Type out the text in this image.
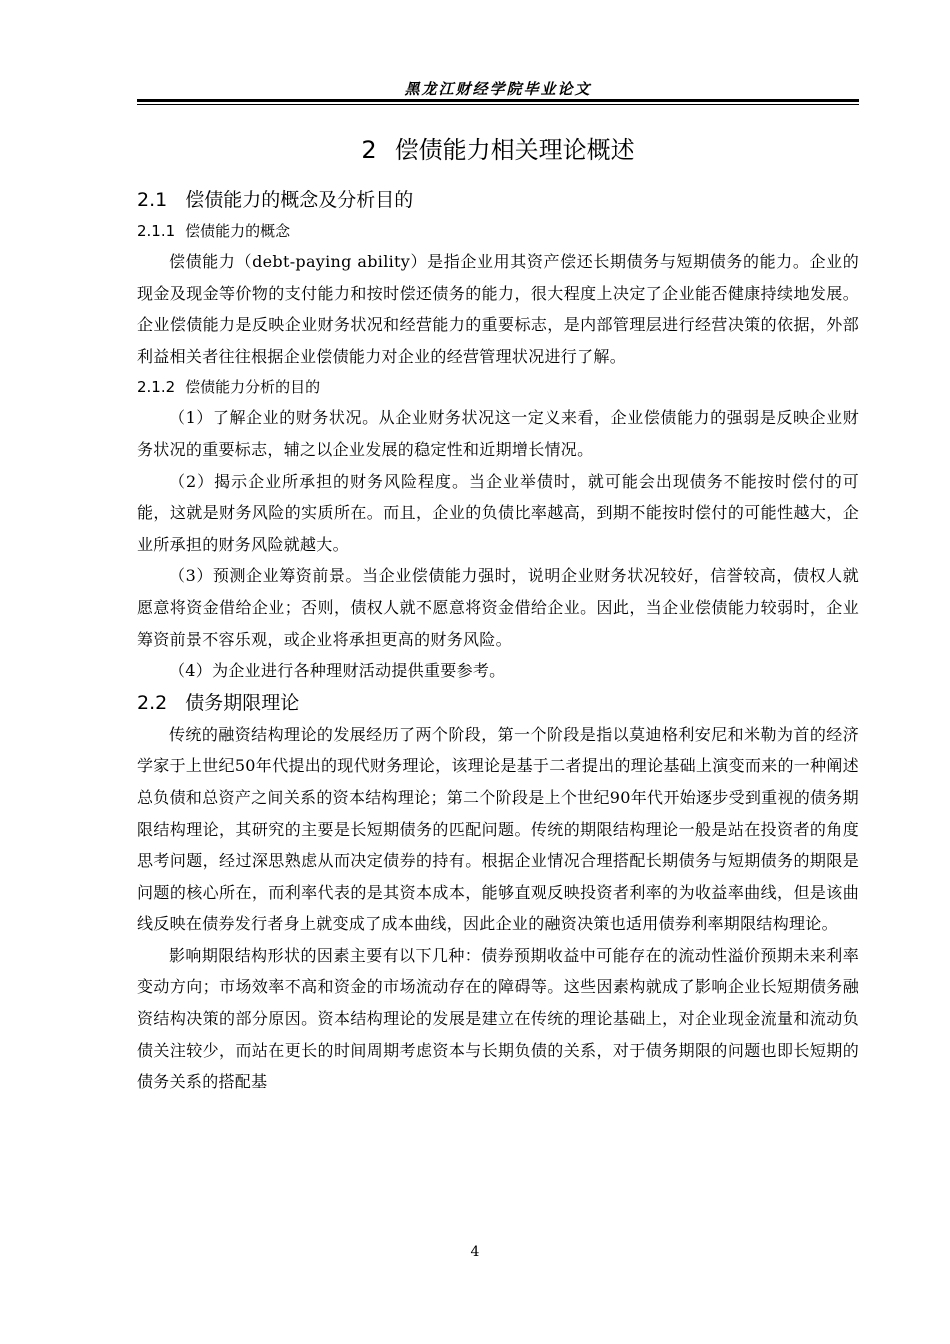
黑龙江财经学院毕业论文
2 偿债能力相关理论概述
2.1 偿债能力的概念及分析目的
2.1.1 偿债能力的概念

偿债能力（debt-paying ability）是指企业用其资产偿还长期债务与短期债务的能力。企业的现金及现金等价物的支付能力和按时偿还债务的能力，很大程度上决定了企业能否健康持续地发展。企业偿债能力是反映企业财务状况和经营能力的重要标志，是内部管理层进行经营决策的依据，外部利益相关者往往根据企业偿债能力对企业的经营管理状况进行了解。

2.1.2 偿债能力分析的目的

（1）了解企业的财务状况。从企业财务状况这一定义来看，企业偿债能力的强弱是反映企业财务状况的重要标志，辅之以企业发展的稳定性和近期增长情况。

（2）揭示企业所承担的财务风险程度。当企业举债时，就可能会出现债务不能按时偿付的可能，这就是财务风险的实质所在。而且，企业的负债比率越高，到期不能按时偿付的可能性越大，企业所承担的财务风险就越大。

（3）预测企业筹资前景。当企业偿债能力强时，说明企业财务状况较好，信誉较高，债权人就愿意将资金借给企业；否则，债权人就不愿意将资金借给企业。因此，当企业偿债能力较弱时，企业筹资前景不容乐观，或企业将承担更高的财务风险。

（4）为企业进行各种理财活动提供重要参考。

2.2 债务期限理论

传统的融资结构理论的发展经历了两个阶段，第一个阶段是指以莫迪格利安尼和米勒为首的经济学家于上世纪50年代提出的现代财务理论，该理论是基于二者提出的理论基础上演变而来的一种阐述总负债和总资产之间关系的资本结构理论；第二个阶段是上个世纪90年代开始逐步受到重视的债务期限结构理论，其研究的主要是长短期债务的匹配问题。传统的期限结构理论一般是站在投资者的角度思考问题，经过深思熟虑从而决定债券的持有。根据企业情况合理搭配长期债务与短期债务的期限是问题的核心所在，而利率代表的是其资本成本，能够直观反映投资者利率的为收益率曲线，但是该曲线反映在债券发行者身上就变成了成本曲线，因此企业的融资决策也适用债券利率期限结构理论。

影响期限结构形状的因素主要有以下几种：债券预期收益中可能存在的流动性溢价预期未来利率变动方向；市场效率不高和资金的市场流动存在的障碍等。这些因素构就成了影响企业长短期债务融资结构决策的部分原因。资本结构理论的发展是建立在传统的理论基础上，对企业现金流量和流动负债关注较少，而站在更长的时间周期考虑资本与长期负债的关系，对于债务期限的问题也即长短期的债务关系的搭配基

4
